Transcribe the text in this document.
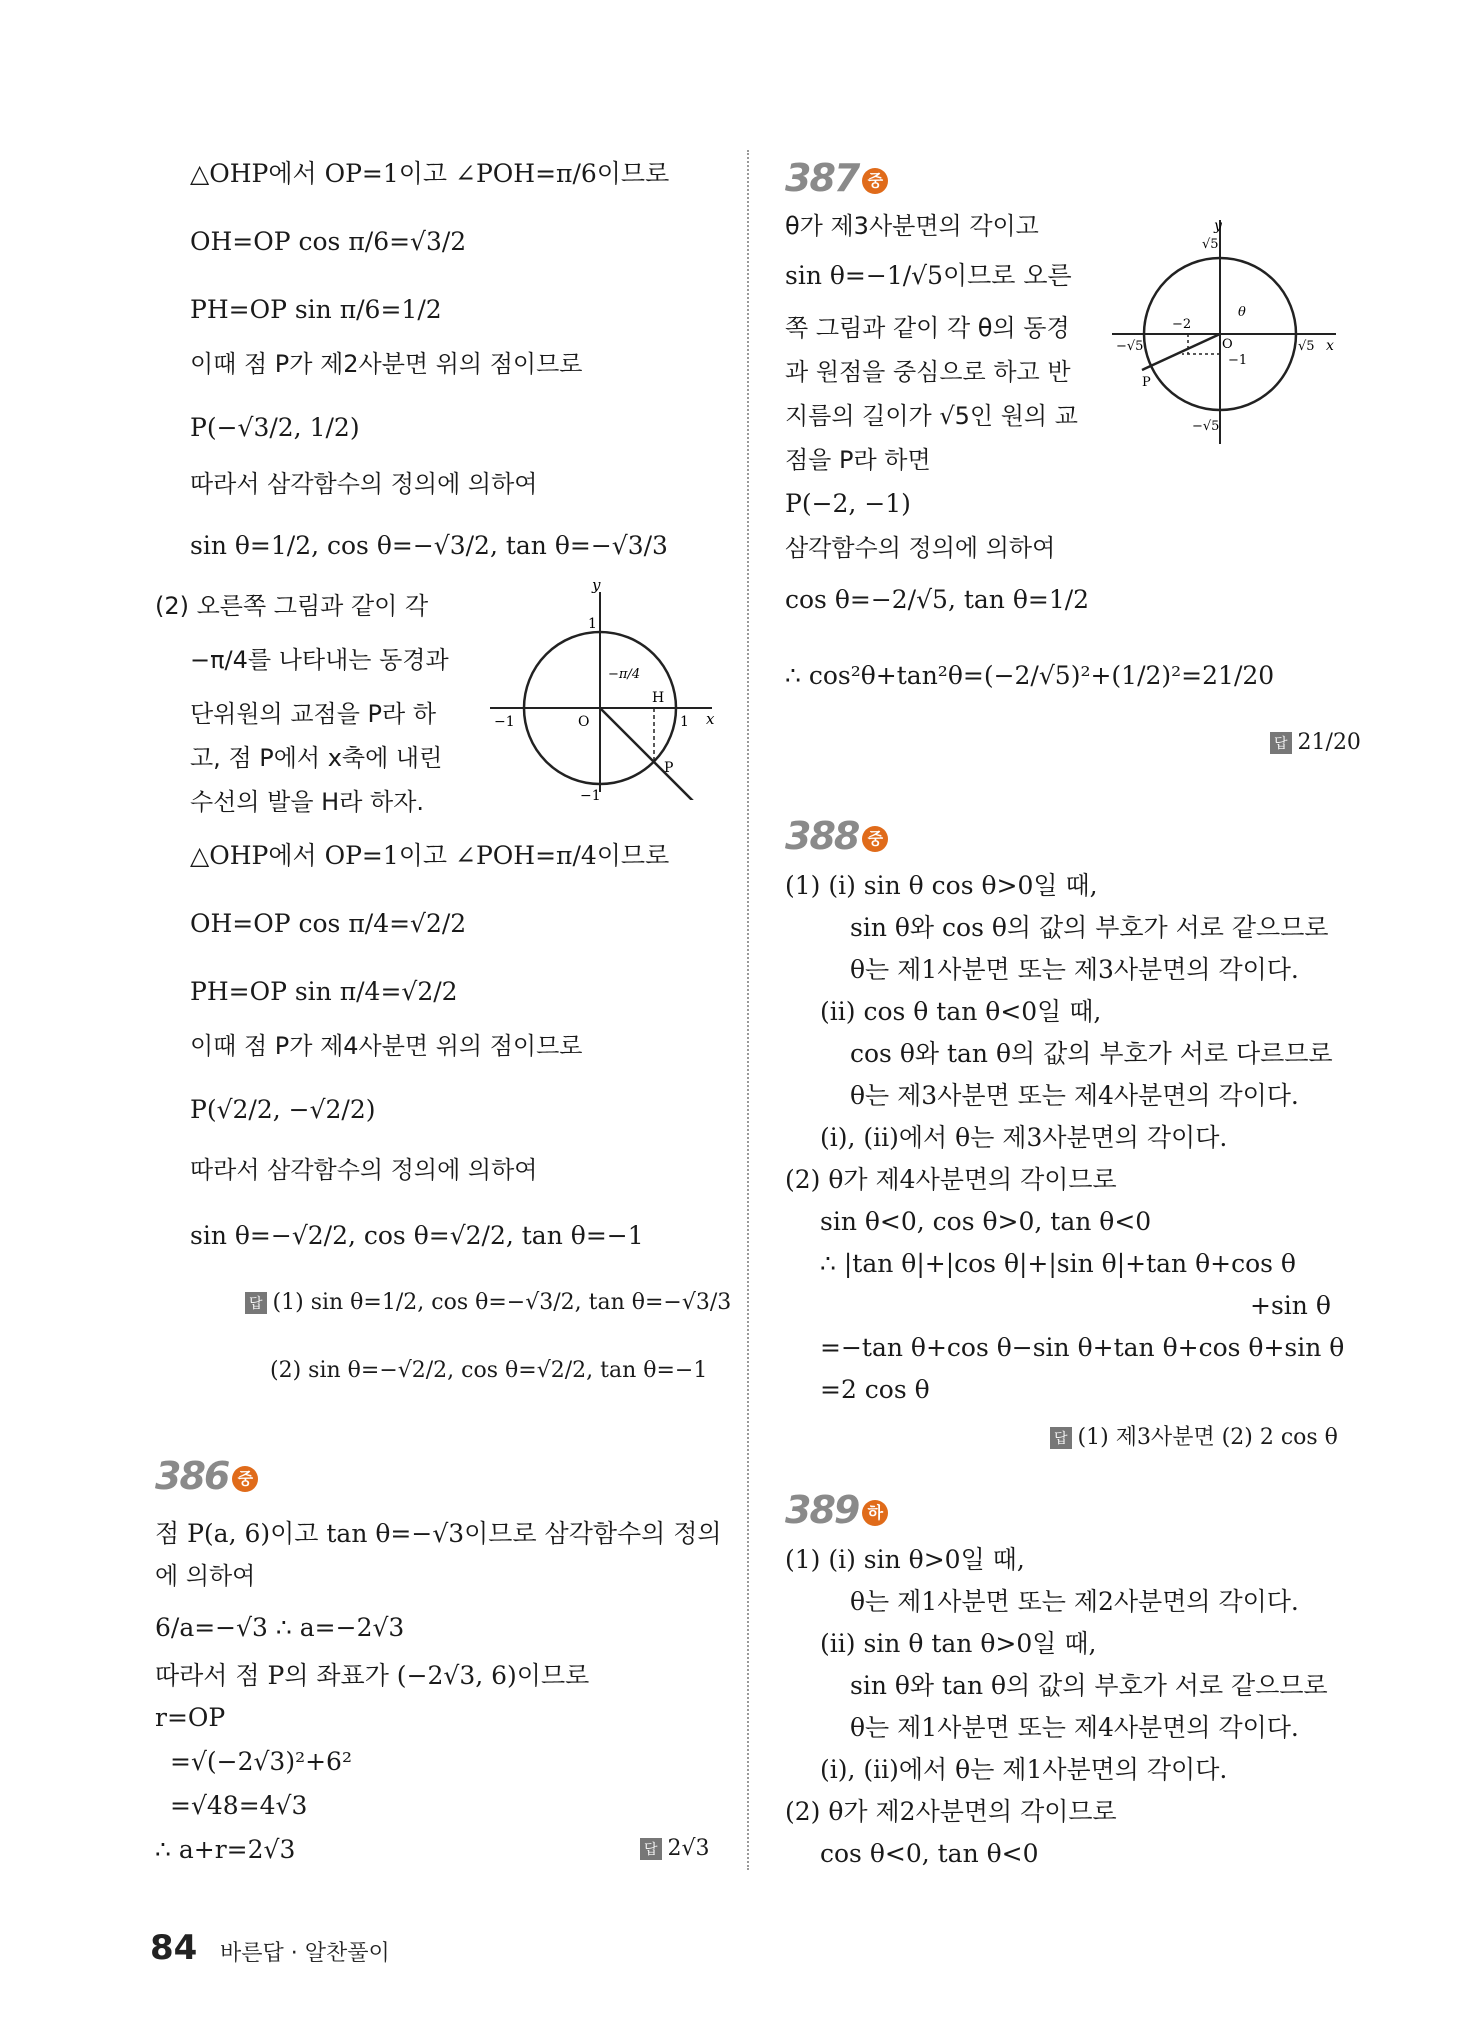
△OHP에서 OP=1이고 ∠POH=π/6이므로
OH=OP cos π/6=√3/2
PH=OP sin π/6=1/2
이때 점 P가 제2사분면 위의 점이므로
P(−√3/2, 1/2)
따라서 삼각함수의 정의에 의하여
sin θ=1/2, cos θ=−√3/2, tan θ=−√3/3
(2) 오른쪽 그림과 같이 각
−π/4를 나타내는 동경과
단위원의 교점을 P라 하
고, 점 P에서 x축에 내린
수선의 발을 H라 하자.
△OHP에서 OP=1이고 ∠POH=π/4이므로
OH=OP cos π/4=√2/2
PH=OP sin π/4=√2/2
이때 점 P가 제4사분면 위의 점이므로
P(√2/2, −√2/2)
따라서 삼각함수의 정의에 의하여
sin θ=−√2/2, cos θ=√2/2, tan θ=−1
답 (1) sin θ=1/2, cos θ=−√3/2, tan θ=−√3/3
(2) sin θ=−√2/2, cos θ=√2/2, tan θ=−1
y
x
1
−1
1
−1	O
H
P
−π/4
386 중
점 P(a, 6)이고 tan θ=−√3이므로 삼각함수의 정의
에 의하여
6/a=−√3 ∴ a=−2√3
따라서 점 P의 좌표가 (−2√3, 6)이므로
r=OP
=√(−2√3)²+6²
=√48=4√3
∴ a+r=2√3	답 2√3
387 중
θ가 제3사분면의 각이고
sin θ=−1/√5이므로 오른
쪽 그림과 같이 각 θ의 동경
과 원점을 중심으로 하고 반
지름의 길이가 √5인 원의 교
점을 P라 하면
P(−2, −1)
삼각함수의 정의에 의하여
cos θ=−2/√5, tan θ=1/2
∴ cos²θ+tan²θ=(−2/√5)²+(1/2)²=21/20
답 21/20
y
x
√5
−√5
√5
−√5	O
P
θ
−2
−1
388 중
(1) (ⅰ) sin θ cos θ>0일 때,
sin θ와 cos θ의 값의 부호가 서로 같으므로
θ는 제1사분면 또는 제3사분면의 각이다.
(ⅱ) cos θ tan θ<0일 때,
cos θ와 tan θ의 값의 부호가 서로 다르므로
θ는 제3사분면 또는 제4사분면의 각이다.
(ⅰ), (ⅱ)에서 θ는 제3사분면의 각이다.
(2) θ가 제4사분면의 각이므로
sin θ<0, cos θ>0, tan θ<0
∴ |tan θ|+|cos θ|+|sin θ|+tan θ+cos θ
+sin θ
=−tan θ+cos θ−sin θ+tan θ+cos θ+sin θ
=2 cos θ
답 (1) 제3사분면 (2) 2 cos θ
389 하
(1) (ⅰ) sin θ>0일 때,
θ는 제1사분면 또는 제2사분면의 각이다.
(ⅱ) sin θ tan θ>0일 때,
sin θ와 tan θ의 값의 부호가 서로 같으므로
θ는 제1사분면 또는 제4사분면의 각이다.
(ⅰ), (ⅱ)에서 θ는 제1사분면의 각이다.
(2) θ가 제2사분면의 각이므로
cos θ<0, tan θ<0
84 바른답 · 알찬풀이
